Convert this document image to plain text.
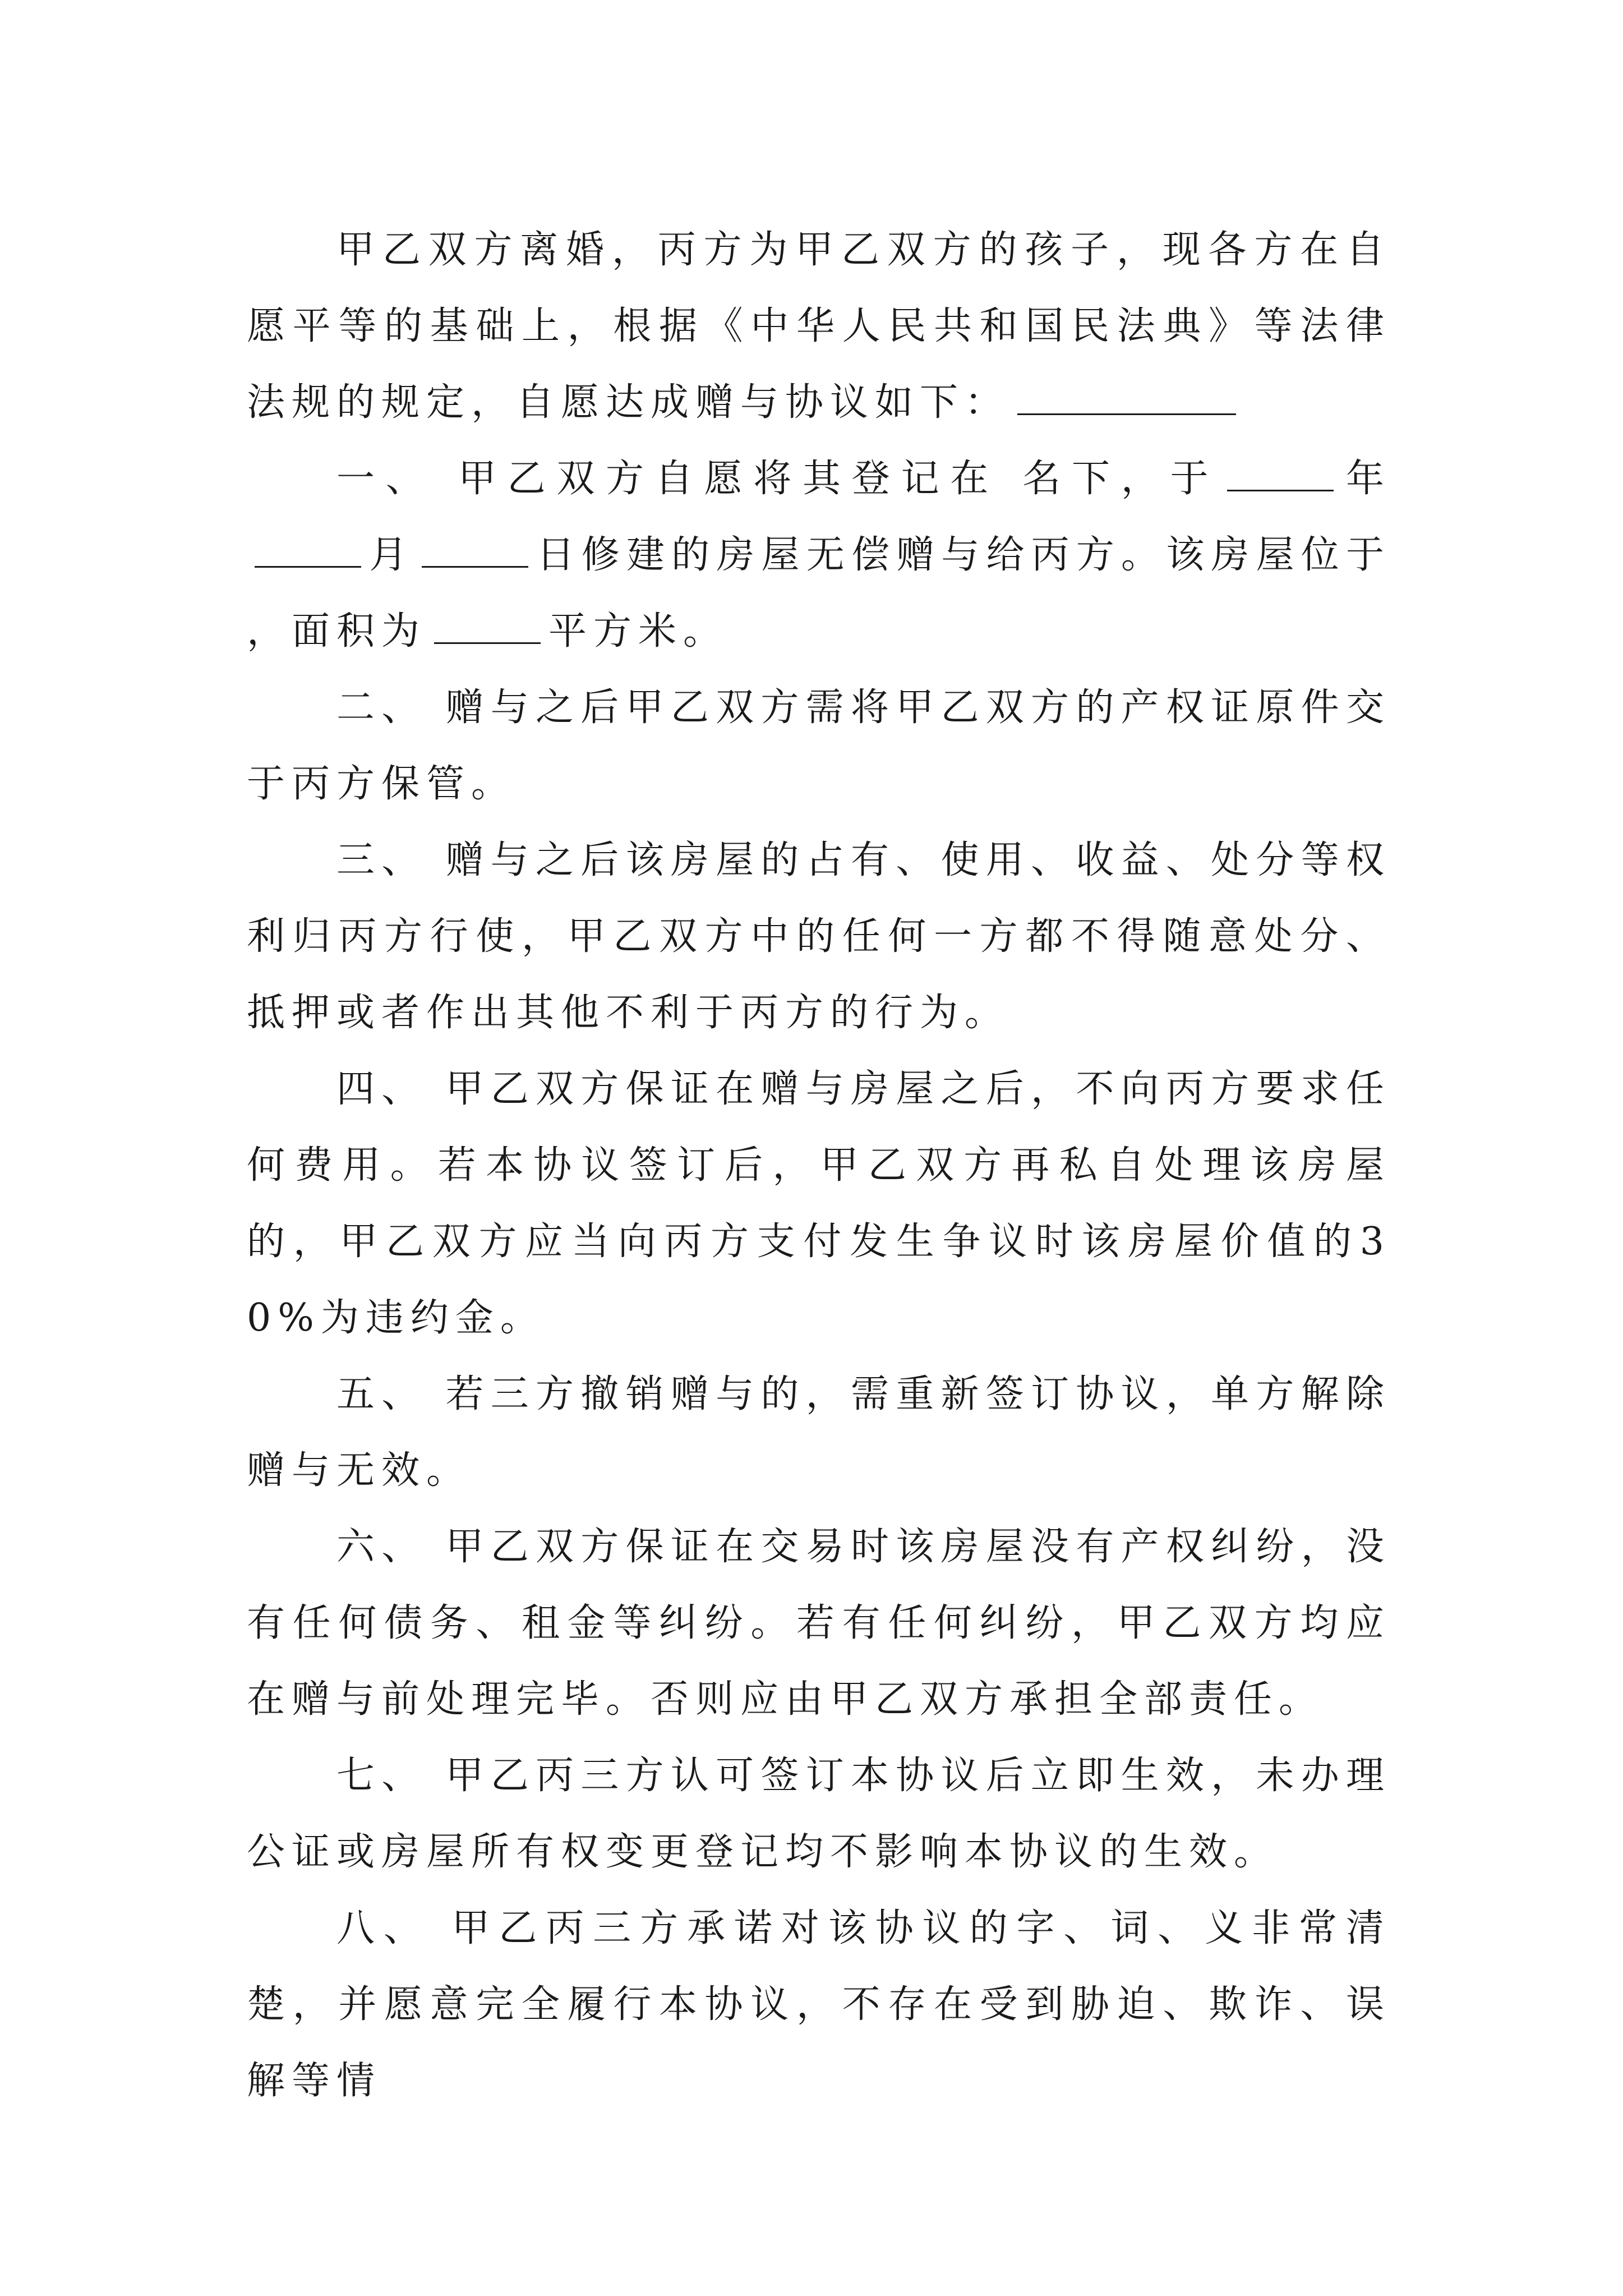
甲乙双方离婚，丙方为甲乙双方的孩子，现各方在自愿平等的基础上，根据《中华人民共和国民法典》等法律法规的规定，自愿达成赠与协议如下：

一、 甲乙双方自愿将其登记在 名下，于	年月	日修建的房屋无偿赠与给丙方。该房屋位于 ，面积为	平方米。

二、 赠与之后甲乙双方需将甲乙双方的产权证原件交于丙方保管。

三、 赠与之后该房屋的占有、使用、收益、处分等权利归丙方行使，甲乙双方中的任何一方都不得随意处分、抵押或者作出其他不利于丙方的行为。

四、 甲乙双方保证在赠与房屋之后，不向丙方要求任何费用。若本协议签订后，甲乙双方再私自处理该房屋的，甲乙双方应当向丙方支付发生争议时该房屋价值的30%为违约金。

五、 若三方撤销赠与的，需重新签订协议，单方解除赠与无效。

六、 甲乙双方保证在交易时该房屋没有产权纠纷，没有任何债务、租金等纠纷。若有任何纠纷，甲乙双方均应在赠与前处理完毕。否则应由甲乙双方承担全部责任。

七、 甲乙丙三方认可签订本协议后立即生效，未办理公证或房屋所有权变更登记均不影响本协议的生效。

八、 甲乙丙三方承诺对该协议的字、词、义非常清楚，并愿意完全履行本协议，不存在受到胁迫、欺诈、误解等情
